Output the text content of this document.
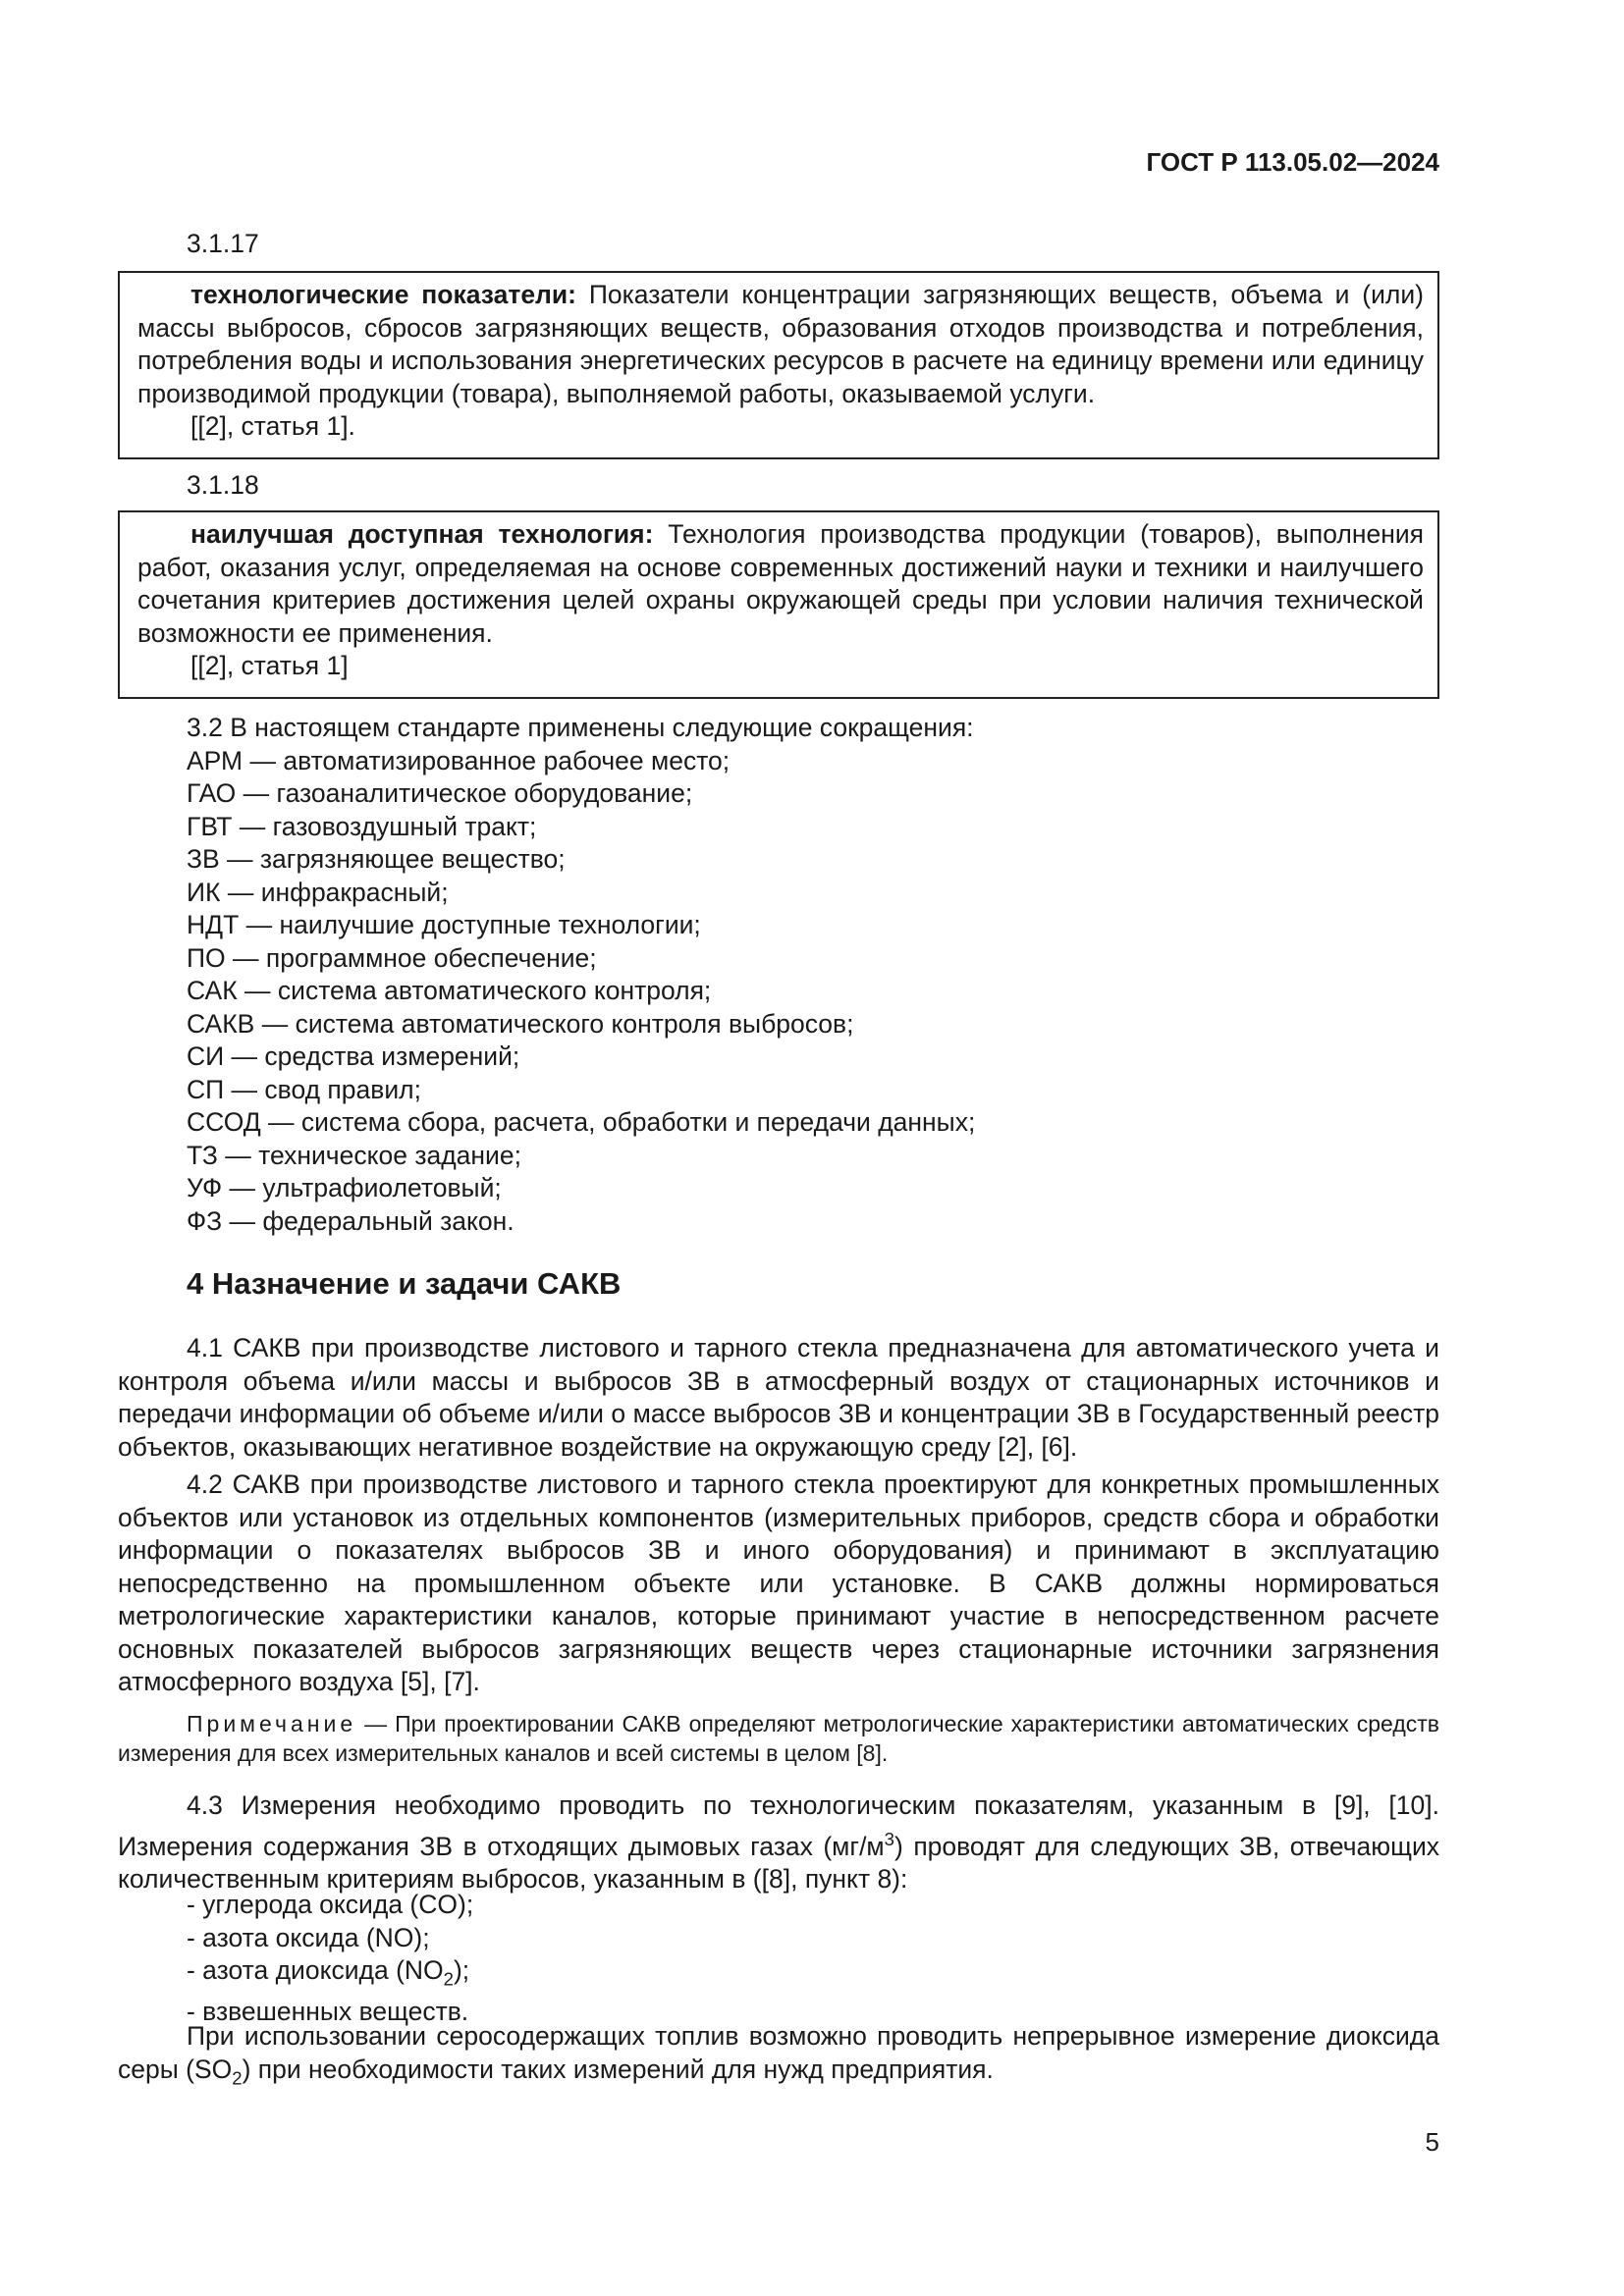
ГОСТ Р 113.05.02—2024
3.1.17

технологические показатели: Показатели концентрации загрязняющих веществ, объема и (или) массы выбросов, сбросов загрязняющих веществ, образования отходов производства и потребления, потребления воды и использования энергетических ресурсов в расчете на единицу времени или единицу производимой продукции (товара), выполняемой работы, оказываемой услуги.

[[2], статья 1].

3.1.18

наилучшая доступная технология: Технология производства продукции (товаров), выполнения работ, оказания услуг, определяемая на основе современных достижений науки и техники и наилучшего сочетания критериев достижения целей охраны окружающей среды при условии наличия технической возможности ее применения.

[[2], статья 1]

3.2 В настоящем стандарте применены следующие сокращения:

АРМ — автоматизированное рабочее место;

ГАО — газоаналитическое оборудование;

ГВТ — газовоздушный тракт;

ЗВ — загрязняющее вещество;

ИК — инфракрасный;

НДТ — наилучшие доступные технологии;

ПО — программное обеспечение;

САК — система автоматического контроля;

САКВ — система автоматического контроля выбросов;

СИ — средства измерений;

СП — свод правил;

ССОД — система сбора, расчета, обработки и передачи данных;

ТЗ — техническое задание;

УФ — ультрафиолетовый;

ФЗ — федеральный закон.

4 Назначение и задачи САКВ

4.1 САКВ при производстве листового и тарного стекла предназначена для автоматического учета и контроля объема и/или массы и выбросов ЗВ в атмосферный воздух от стационарных источников и передачи информации об объеме и/или о массе выбросов ЗВ и концентрации ЗВ в Государственный реестр объектов, оказывающих негативное воздействие на окружающую среду [2], [6].

4.2 САКВ при производстве листового и тарного стекла проектируют для конкретных промышленных объектов или установок из отдельных компонентов (измерительных приборов, средств сбора и обработки информации о показателях выбросов ЗВ и иного оборудования) и принимают в эксплуатацию непосредственно на промышленном объекте или установке. В САКВ должны нормироваться метрологические характеристики каналов, которые принимают участие в непосредственном расчете основных показателей выбросов загрязняющих веществ через стационарные источники загрязнения атмосферного воздуха [5], [7].

Примечание — При проектировании САКВ определяют метрологические характеристики автоматических средств измерения для всех измерительных каналов и всей системы в целом [8].

4.3 Измерения необходимо проводить по технологическим показателям, указанным в [9], [10]. Измерения содержания ЗВ в отходящих дымовых газах $(мг/м^3)$ проводят для следующих ЗВ, отвечающих количественным критериям выбросов, указанным в ([8], пункт 8):

- углерода оксида (CO);

- азота оксида (NO);

- азота диоксида $(NO_2)$;

- взвешенных веществ.

При использовании серосодержащих топлив возможно проводить непрерывное измерение диоксида серы $(SO_2)$ при необходимости таких измерений для нужд предприятия.

5
